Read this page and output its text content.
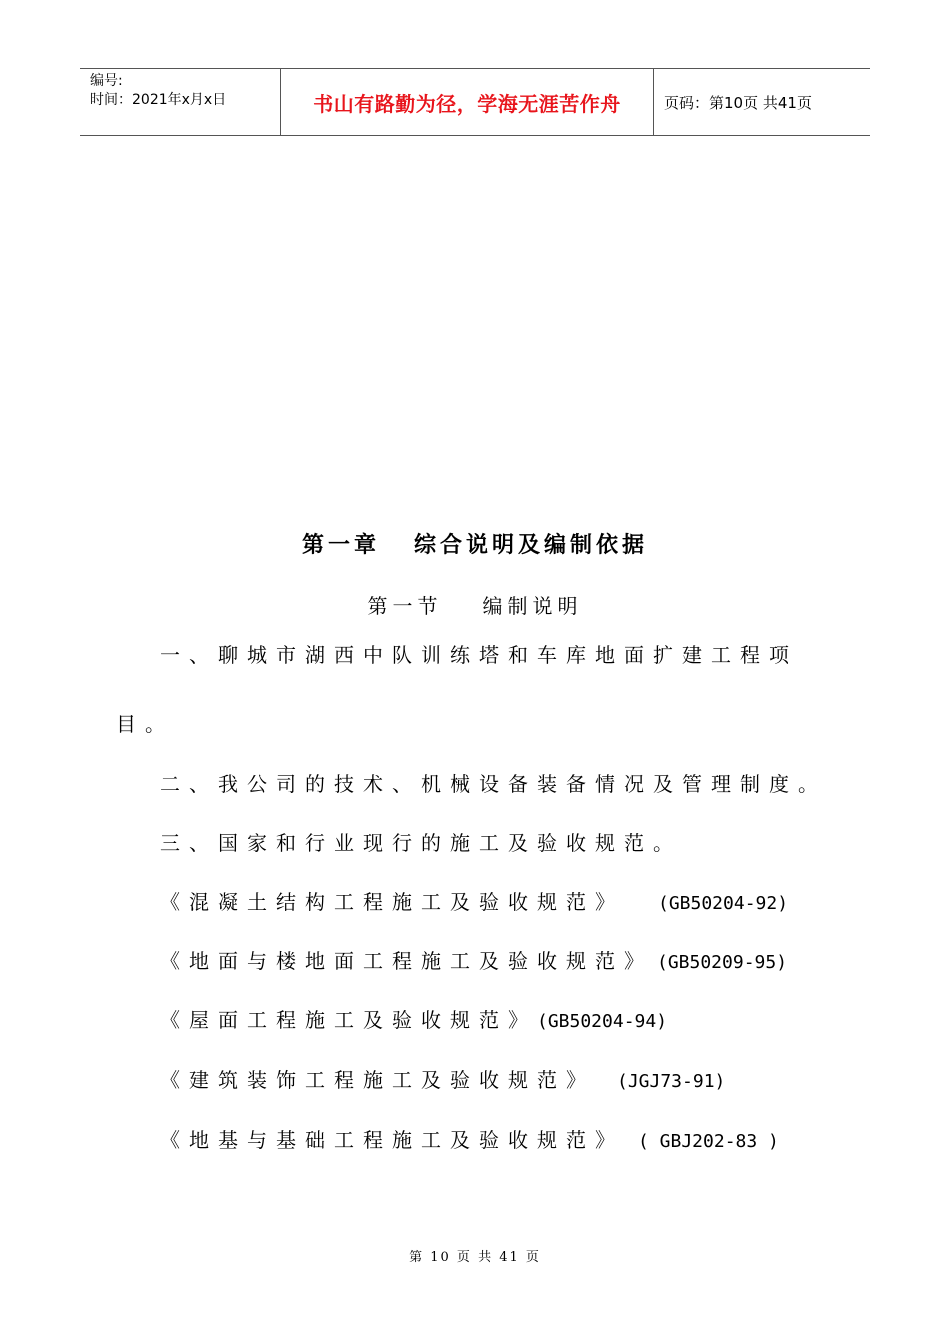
编号:
时间：2021年x月x日	书山有路勤为径，学海无涯苦作舟	页码：第10页 共41页
第一章 综合说明及编制依据
第一节 编制说明
一、聊城市湖西中队训练塔和车库地面扩建工程项
目。
二、我公司的技术、机械设备装备情况及管理制度。
三、国家和行业现行的施工及验收规范。
《混凝土结构工程施工及验收规范》 (GB50204-92)
《地面与楼地面工程施工及验收规范》 (GB50209-95)
《屋面工程施工及验收规范》(GB50204-94)
《建筑装饰工程施工及验收规范》 (JGJ73-91)
《地基与基础工程施工及验收规范》 ( GBJ202-83 )
第 10 页 共 41 页
